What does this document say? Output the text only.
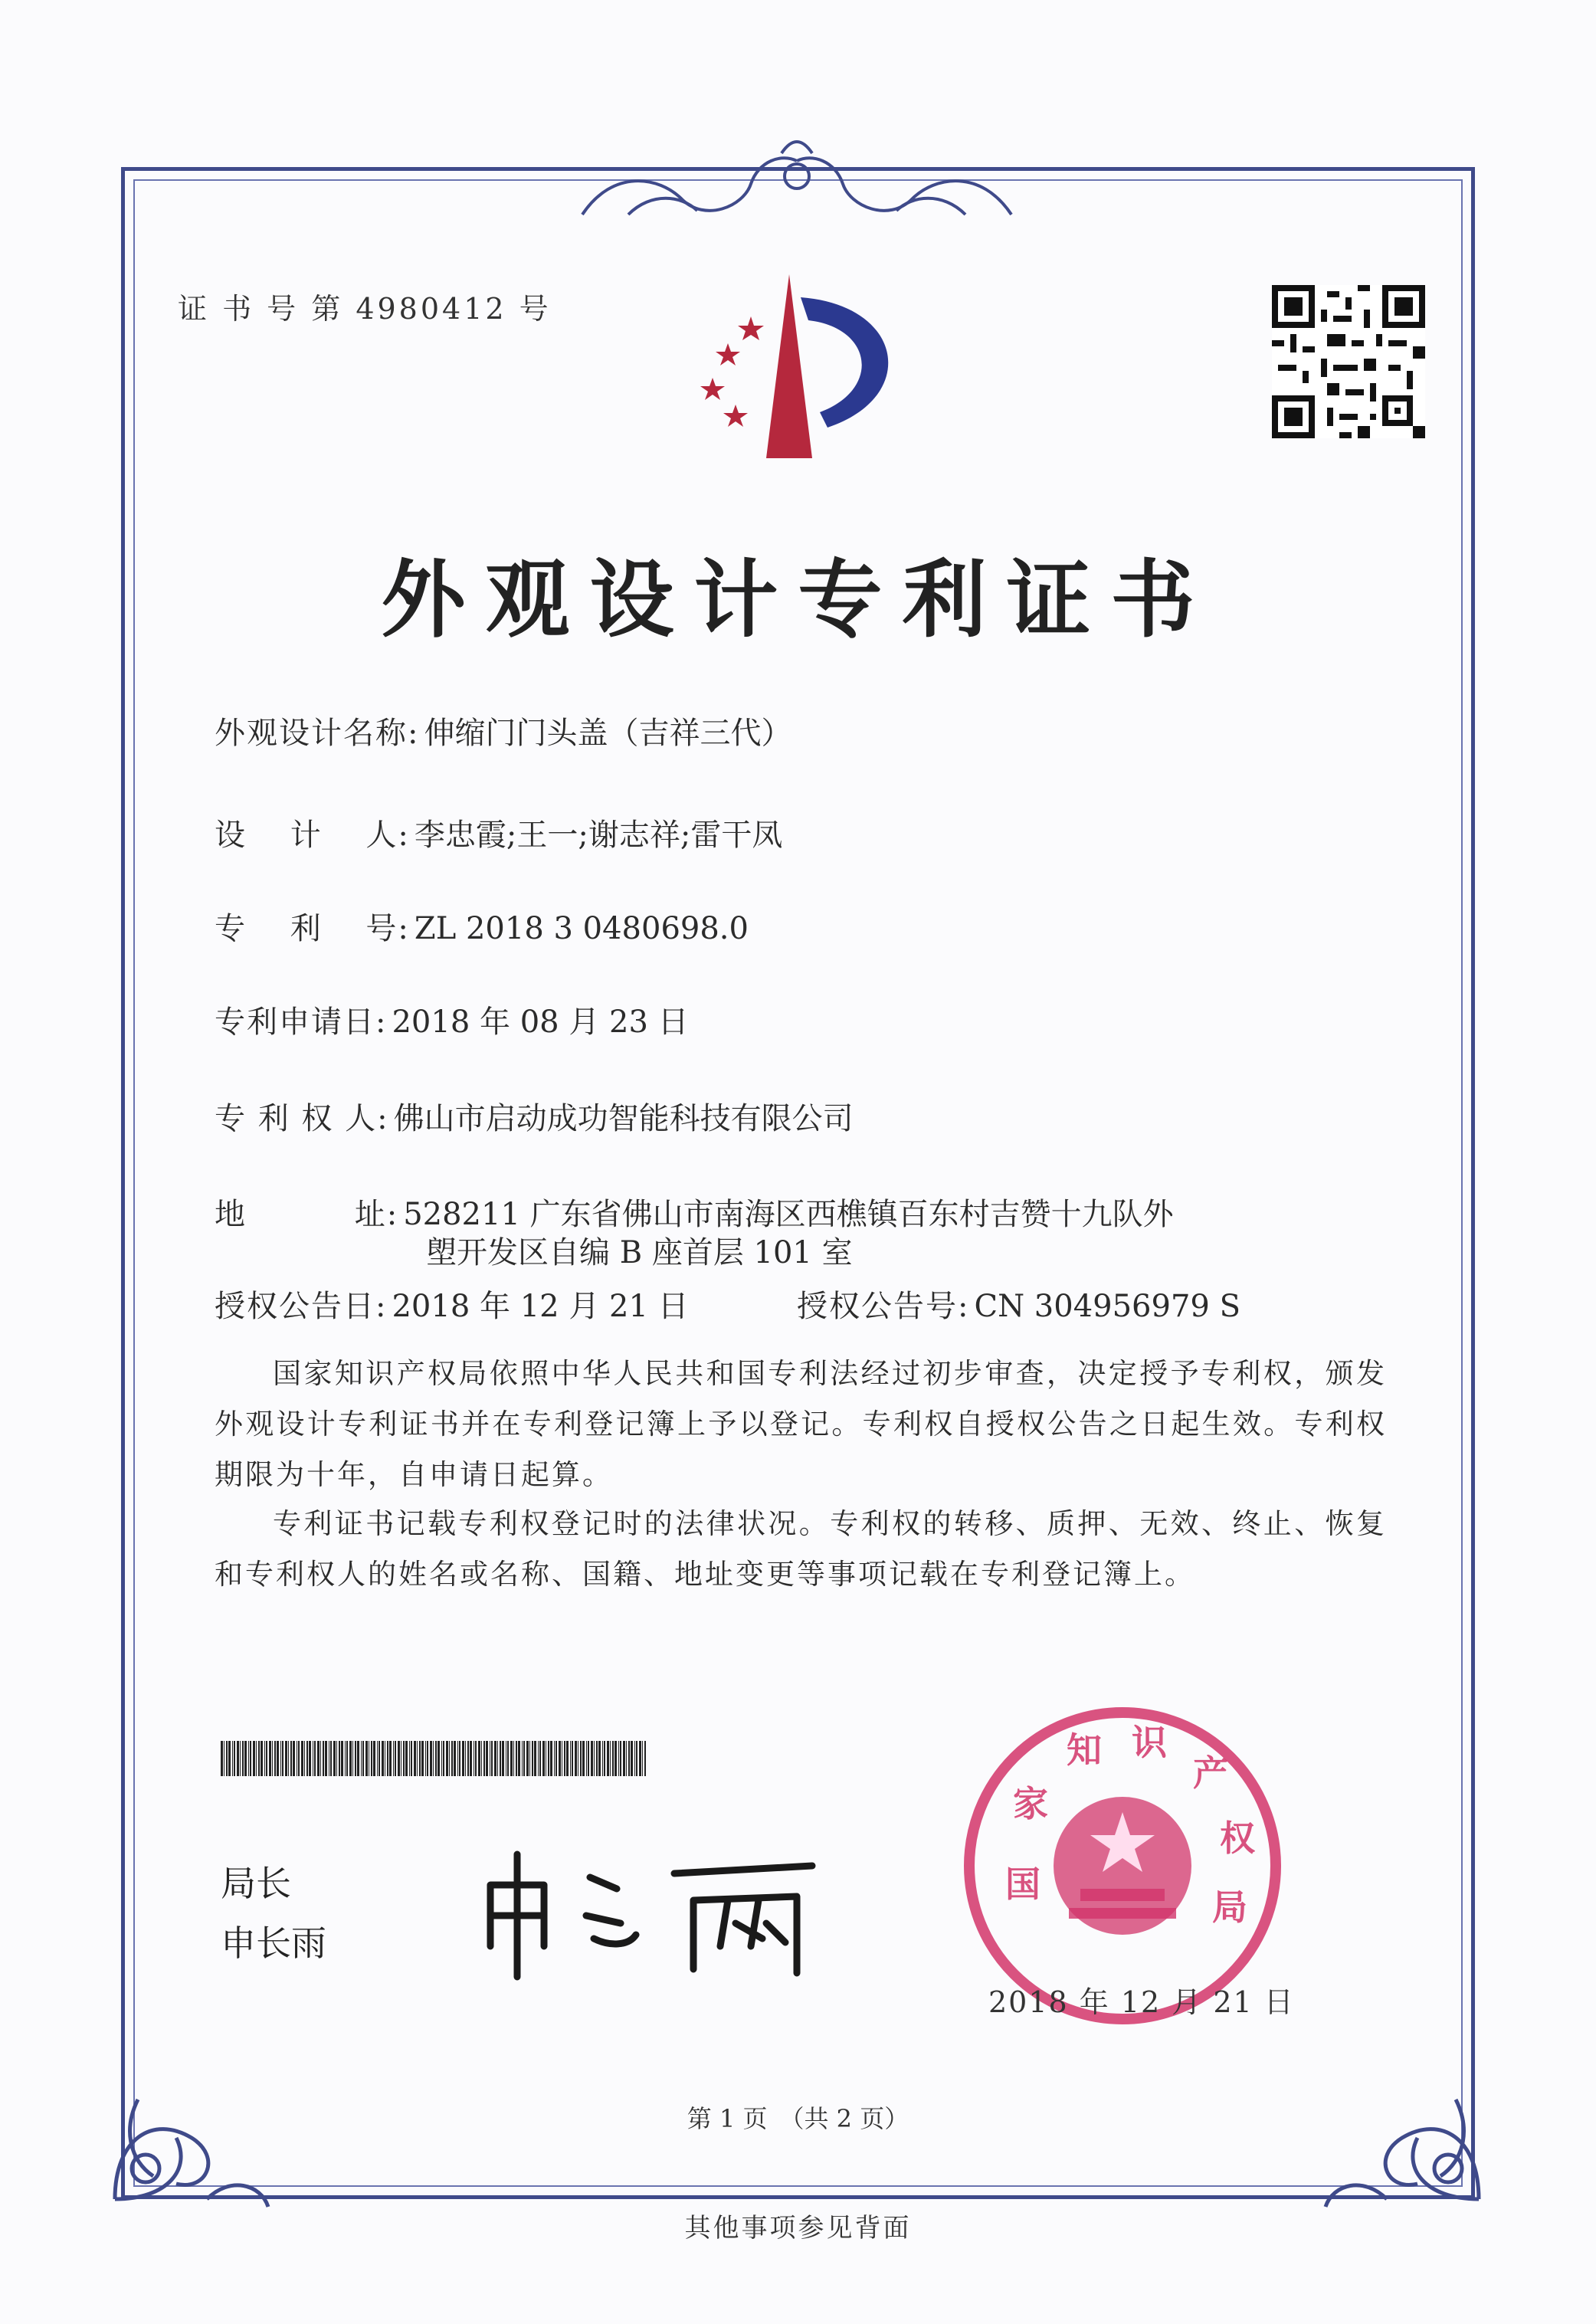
证 书 号 第 4980412 号
外观设计专利证书
外观设计名称: 伸缩门门头盖（吉祥三代）
设　 计　 人: 李忠霞;王一;谢志祥;雷干凤
专　 利　 号: ZL 2018 3 0480698.0
专利申请日: 2018 年 08 月 23 日
专 利 权 人: 佛山市启动成功智能科技有限公司
地　　　 址: 528211 广东省佛山市南海区西樵镇百东村吉赞十九队外
塱开发区自编 B 座首层 101 室
授权公告日: 2018 年 12 月 21 日	授权公告号: CN 304956979 S
国家知识产权局依照中华人民共和国专利法经过初步审查，决定授予专利权，颁发外观设计专利证书并在专利登记簿上予以登记。专利权自授权公告之日起生效。专利权期限为十年，自申请日起算。
专利证书记载专利权登记时的法律状况。专利权的转移、质押、无效、终止、恢复和专利权人的姓名或名称、国籍、地址变更等事项记载在专利登记簿上。
局长
申长雨
国
家
知 识
产
权
局
2018 年 12 月 21 日
第 1 页　（共 2 页）
其他事项参见背面
